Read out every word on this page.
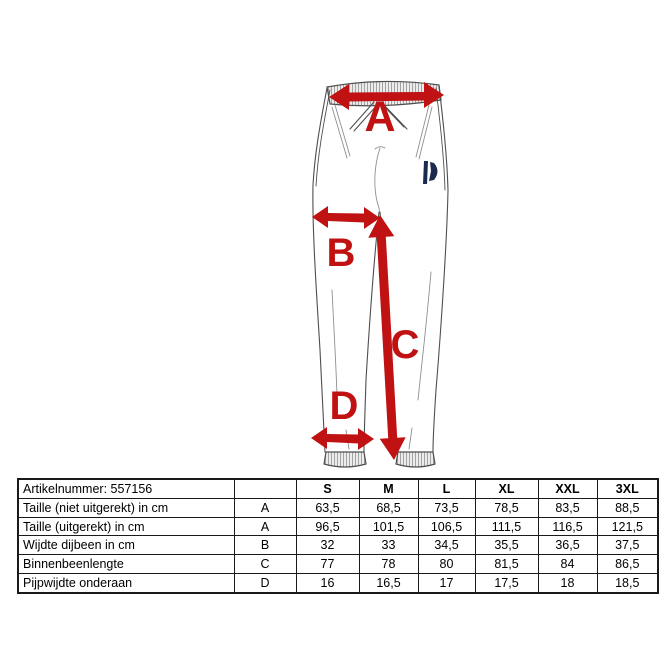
A
B
C
D
Artikelnummer: 557156		S	M	L	XL	XXL	3XL
Taille (niet uitgerekt) in cm	A	63,5	68,5	73,5	78,5	83,5	88,5
Taille (uitgerekt) in cm	A	96,5	101,5	106,5	111,5	116,5	121,5
Wijdte dijbeen in cm	B	32	33	34,5	35,5	36,5	37,5
Binnenbeenlengte	C	77	78	80	81,5	84	86,5
Pijpwijdte onderaan	D	16	16,5	17	17,5	18	18,5
